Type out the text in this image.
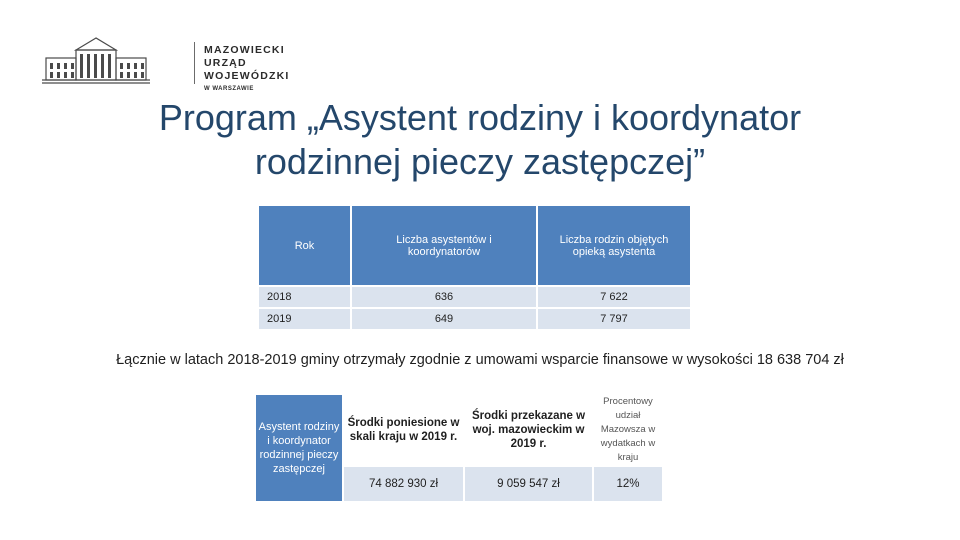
MAZOWIECKI
URZĄD WOJEWÓDZKI
W WARSZAWIE
Program „Asystent rodziny i koordynator
rodzinnej pieczy zastępczej”
Rok	Liczba asystentów i koordynatorów	Liczba rodzin objętych opieką asystenta
2018	636	7 622
2019	649	7 797
Łącznie w latach 2018-2019 gminy otrzymały zgodnie z umowami wsparcie finansowe w wysokości 18 638 704 zł
Asystent rodziny i koordynator rodzinnej pieczy zastępczej	Środki poniesione w skali kraju w 2019 r.	Środki przekazane w woj. mazowieckim w 2019 r.	Procentowy udział Mazowsza w wydatkach w kraju
	74 882 930 zł	9 059 547 zł	12%
